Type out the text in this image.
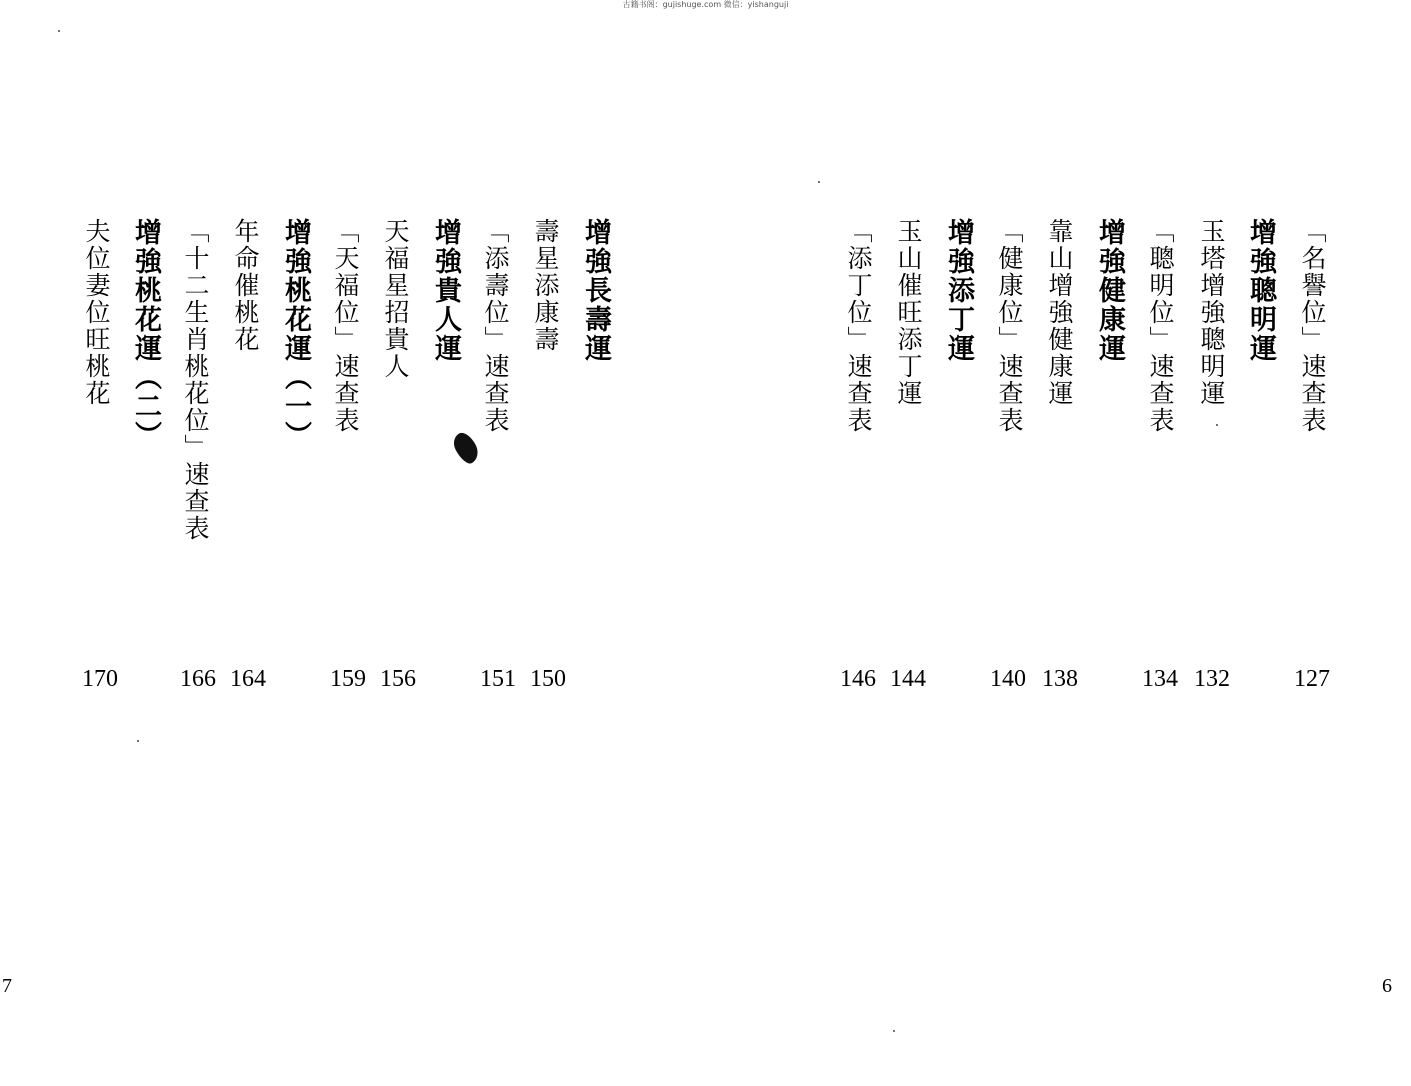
古籍书阁：gujishuge.com 微信：yishanguji
「名譽位」速查表
127
增強聰明運
玉塔增強聰明運
132
「聰明位」速查表
134
增強健康運
靠山增強健康運
138
「健康位」速查表
140
增強添丁運
玉山催旺添丁運
144
「添丁位」速查表
146
增強長壽運
壽星添康壽
150
「添壽位」速查表
151
增強貴人運
天福星招貴人
156
「天福位」速查表
159
增強桃花運（一）
年命催桃花
164
「十二生肖桃花位」速查表
166
增強桃花運（二）
夫位妻位旺桃花
170
7	6
